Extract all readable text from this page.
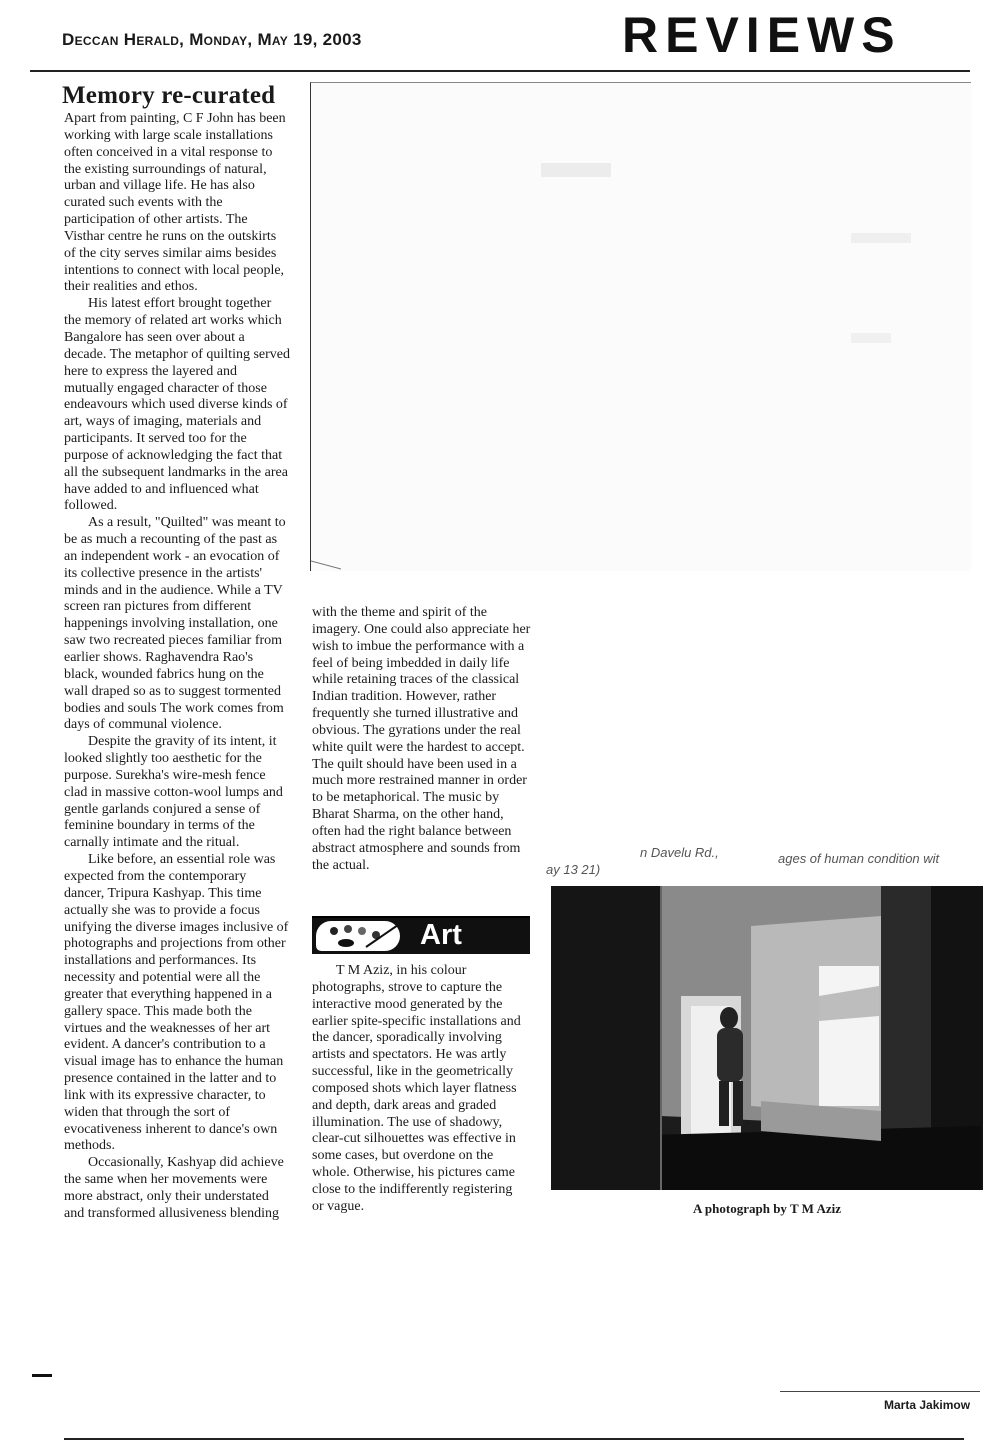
Deccan Herald, Monday, May 19, 2003	REVIEWS
Memory re-curated

Apart from painting, C F John has been working with large scale installations often conceived in a vital response to the existing surroundings of natural, urban and village life. He has also curated such events with the participation of other artists. The Visthar centre he runs on the outskirts of the city serves similar aims besides intentions to connect with local people, their realities and ethos.

His latest effort brought together the memory of related art works which Bangalore has seen over about a decade. The metaphor of quilting served here to express the layered and mutually engaged character of those endeavours which used diverse kinds of art, ways of imaging, materials and participants. It served too for the purpose of acknowledging the fact that all the subsequent landmarks in the area have added to and influenced what followed.

As a result, "Quilted" was meant to be as much a recounting of the past as an independent work - an evocation of its collective presence in the artists' minds and in the audience. While a TV screen ran pictures from different happenings involving installation, one saw two recreated pieces familiar from earlier shows. Raghavendra Rao's black, wounded fabrics hung on the wall draped so as to suggest tormented bodies and souls The work comes from days of communal violence.

Despite the gravity of its intent, it looked slightly too aesthetic for the purpose. Surekha's wire-mesh fence clad in massive cotton-wool lumps and gentle garlands conjured a sense of feminine boundary in terms of the carnally intimate and the ritual.

Like before, an essential role was expected from the contemporary dancer, Tripura Kashyap. This time actually she was to provide a focus unifying the diverse images inclusive of photographs and projections from other installations and performances. Its necessity and potential were all the greater that everything happened in a gallery space. This made both the virtues and the weaknesses of her art evident. A dancer's contribution to a visual image has to enhance the human presence contained in the latter and to link with its expressive character, to widen that through the sort of evocativeness inherent to dance's own methods.

Occasionally, Kashyap did achieve the same when her movements were more abstract, only their understated and transformed allusiveness blending

with the theme and spirit of the imagery. One could also appreciate her wish to imbue the performance with a feel of being imbedded in daily life while retaining traces of the classical Indian tradition. However, rather frequently she turned illustrative and obvious. The gyrations under the real white quilt were the hardest to accept. The quilt should have been used in a much more restrained manner in order to be metaphorical. The music by Bharat Sharma, on the other hand, often had the right balance between abstract atmosphere and sounds from the actual.

Art

T M Aziz, in his colour photographs, strove to capture the interactive mood generated by the earlier spite-specific installations and the dancer, sporadically involving artists and spectators. He was artly successful, like in the geometrically composed shots which layer flatness and depth, dark areas and graded illumination. The use of shadowy, clear-cut silhouettes was effective in some cases, but overdone on the whole. Otherwise, his pictures came close to the indifferently registering or vague.

n Davelu Rd.,
ay 13 21)
ages of human condition wit
A photograph by T M Aziz
Marta Jakimow
